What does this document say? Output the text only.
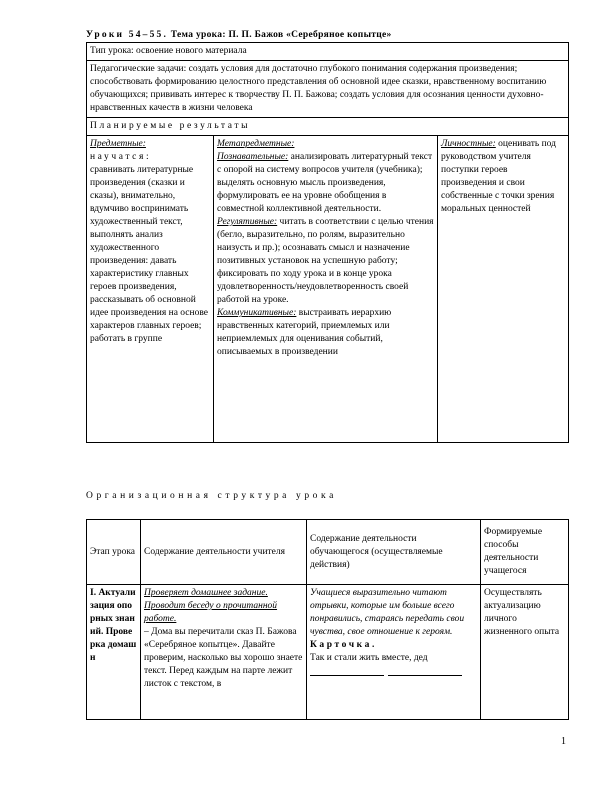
Уроки 54–55. Тема урока: П. П. Бажов «Серебряное копытце»
Тип урока: освоение нового материала
Педагогические задачи: создать условия для достаточно глубокого понимания содержания произведения; способствовать формированию целостного представления об основной идее сказки, нравственному воспитанию обучающихся; прививать интерес к творчеству П. П. Бажова; создать условия для осознания ценности духовно-нравственных качеств в жизни человека
Планируемые результаты
Предметные:
научатся:
сравнивать литературные произведения (сказки и сказы), внимательно, вдумчиво воспринимать художественный текст, выполнять анализ художественного произведения: давать характеристику главных героев произведения, рассказывать об основной идее произведения на основе характеров главных героев; работать в группе
Метапредметные:
Познавательные: анализировать литературный текст с опорой на систему вопросов учителя (учебника); выделять основную мысль произведения, формулировать ее на уровне обобщения в совместной коллективной деятельности.
Регулятивные: читать в соответствии с целью чтения (бегло, выразительно, по ролям, выразительно наизусть и пр.); осознавать смысл и назначение позитивных установок на успешную работу; фиксировать по ходу урока и в конце урока удовлетворенность/неудовлетворенность своей работой на уроке.
Коммуникативные: выстраивать иерархию нравственных категорий, приемлемых или неприемлемых для оценивания событий, описываемых в произведении
Личностные: оценивать под руководством учителя поступки героев произведения и свои собственные с точки зрения моральных ценностей
Организационная структура урока
Этап урока Содержание деятельности учителя
Содержание деятельности обучающегося (осуществляемые действия)
Формируемые способы деятельности учащегося
I. Актуализация опорных знаний. Проверка домашн
Проверяет домашнее задание. Проводит беседу о прочитанной работе.
– Дома вы перечитали сказ П. Бажова «Серебряное копытце». Давайте проверим, насколько вы хорошо знаете текст. Перед каждым на парте лежит листок с текстом, в
Учащиеся выразительно читают отрывки, которые им больше всего понравились, стараясь передать свои чувства, свое отношение к героям.
Карточка.
Так и стали жить вместе, дед
Осуществлять актуализацию личного жизненного опыта
1
